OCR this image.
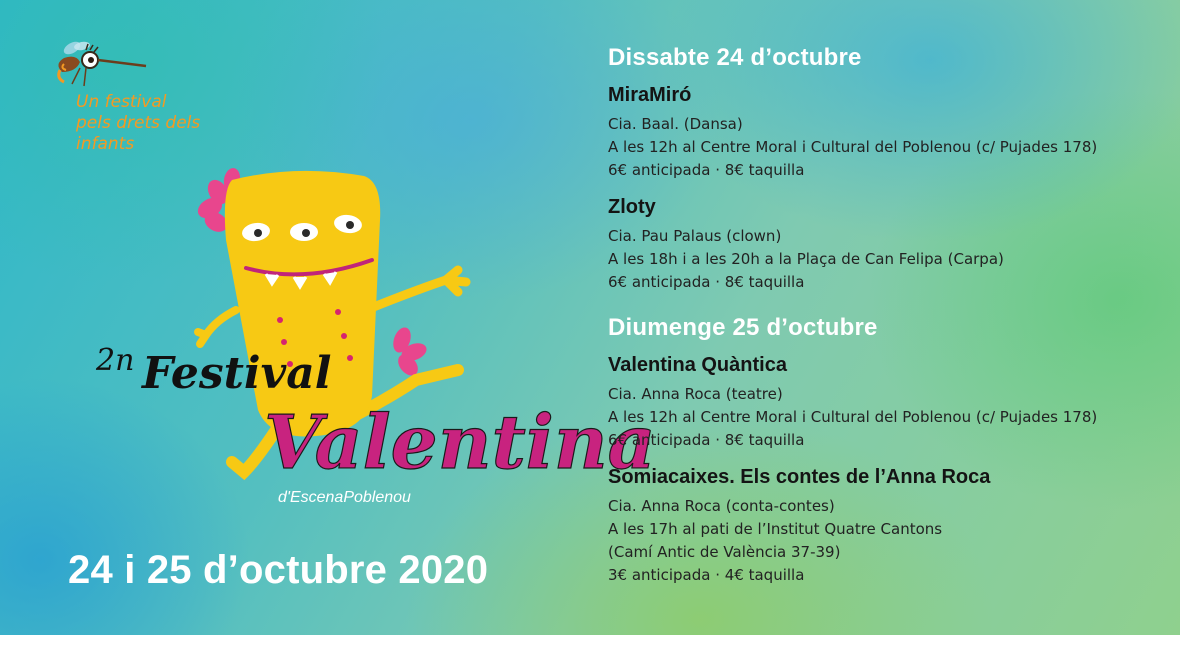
Un festival
pels drets dels
infants
2n Festival
Valentina
d'EscenaPoblenou
24 i 25 d’octubre 2020
Dissabte 24 d’octubre
MiraMiró
Cia. Baal. (Dansa)
A les 12h al Centre Moral i Cultural del Poblenou (c/ Pujades 178)
6€ anticipada · 8€ taquilla
Zloty
Cia. Pau Palaus (clown)
A les 18h i a les 20h a la Plaça de Can Felipa (Carpa)
6€ anticipada · 8€ taquilla
Diumenge 25 d’octubre
Valentina Quàntica
Cia. Anna Roca (teatre)
A les 12h al Centre Moral i Cultural del Poblenou (c/ Pujades 178)
6€ anticipada · 8€ taquilla
Somiacaixes. Els contes de l’Anna Roca
Cia. Anna Roca (conta-contes)
A les 17h al pati de l’Institut Quatre Cantons
(Camí Antic de València 37-39)
3€ anticipada · 4€ taquilla
